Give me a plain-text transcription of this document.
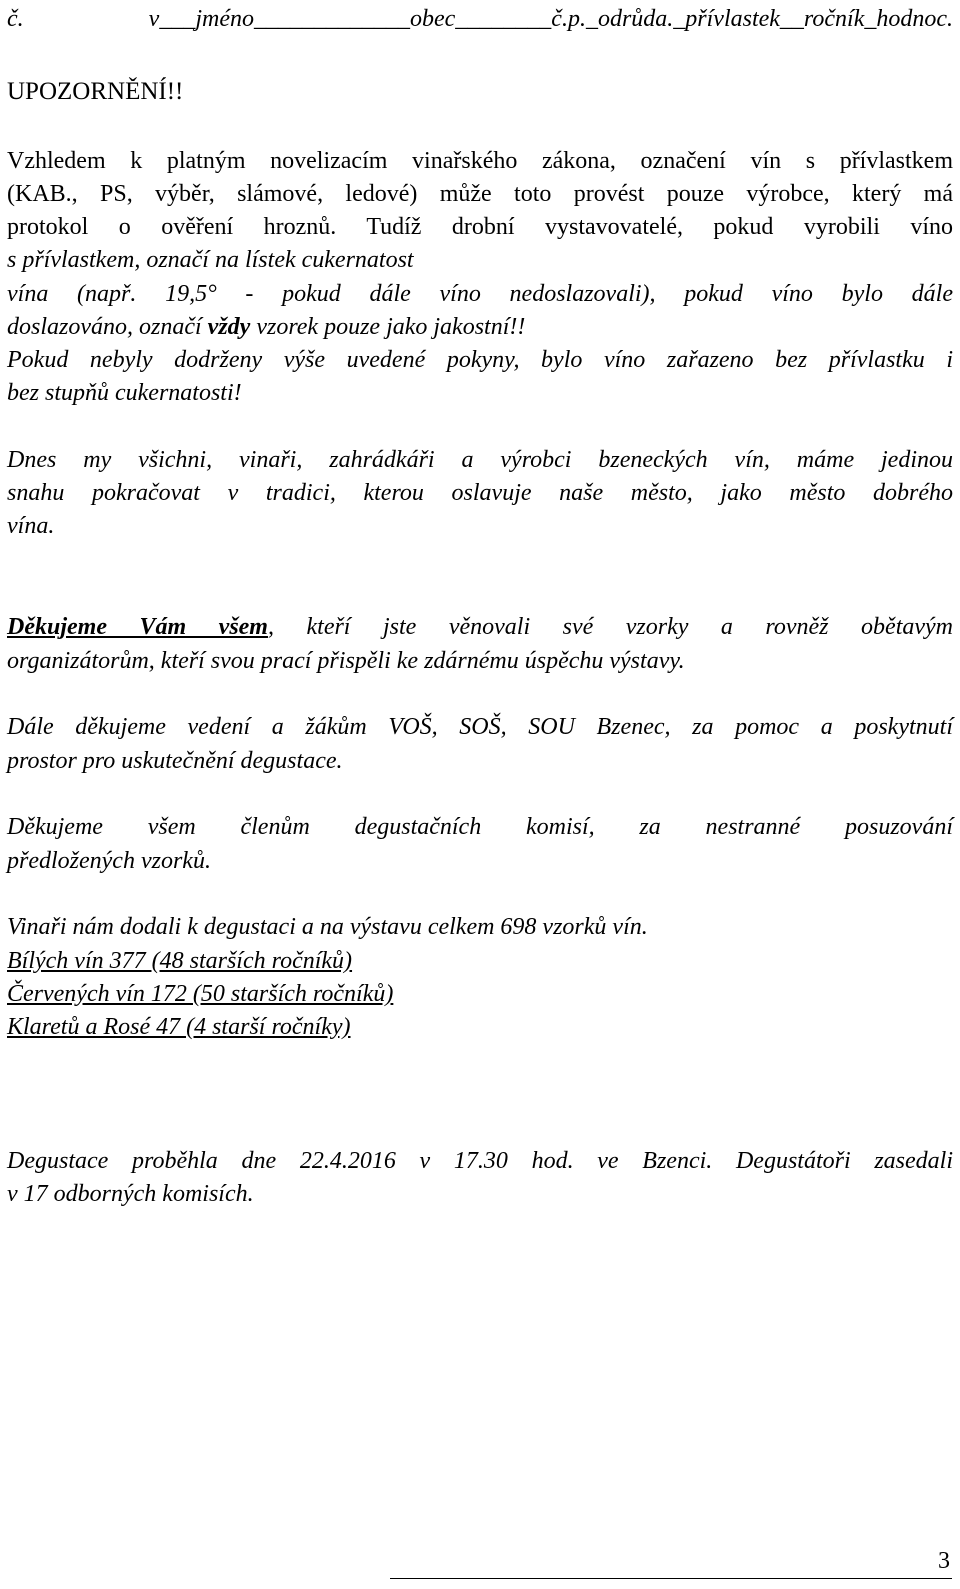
č. v___jméno_____________obec________č.p._odrůda._přívlastek__ročník_hodnoc.
UPOZORNĚNÍ!!
Vzhledem k platným novelizacím vinařského zákona, označení vín s přívlastkem
(KAB., PS, výběr, slámové, ledové) může toto provést pouze výrobce, který má
protokol o ověření hroznů. Tudíž drobní vystavovatelé, pokud vyrobili víno
s přívlastkem, označí na lístek cukernatost
vína (např. 19,5° - pokud dále víno nedoslazovali), pokud víno bylo dále
doslazováno, označí vždy vzorek pouze jako jakostní!!
Pokud nebyly dodrženy výše uvedené pokyny, bylo víno zařazeno bez přívlastku i
bez stupňů cukernatosti!
Dnes my všichni, vinaři, zahrádkáři a výrobci bzeneckých vín, máme jedinou
snahu pokračovat v tradici, kterou oslavuje naše město, jako město dobrého
vína.
Děkujeme Vám všem, kteří jste věnovali své vzorky a rovněž obětavým
organizátorům, kteří svou prací přispěli ke zdárnému úspěchu výstavy.
Dále děkujeme vedení a žákům VOŠ, SOŠ, SOU Bzenec, za pomoc a poskytnutí
prostor pro uskutečnění degustace.
Děkujeme všem členům degustačních komisí, za nestranné posuzování
předložených vzorků.
Vinaři nám dodali k degustaci a na výstavu celkem 698 vzorků vín.
Bílých vín 377 (48 starších ročníků)
Červených vín 172 (50 starších ročníků)
Klaretů a Rosé 47 (4 starší ročníky)
Degustace proběhla dne 22.4.2016 v 17.30 hod. ve Bzenci. Degustátoři zasedali
v 17 odborných komisích.
3
